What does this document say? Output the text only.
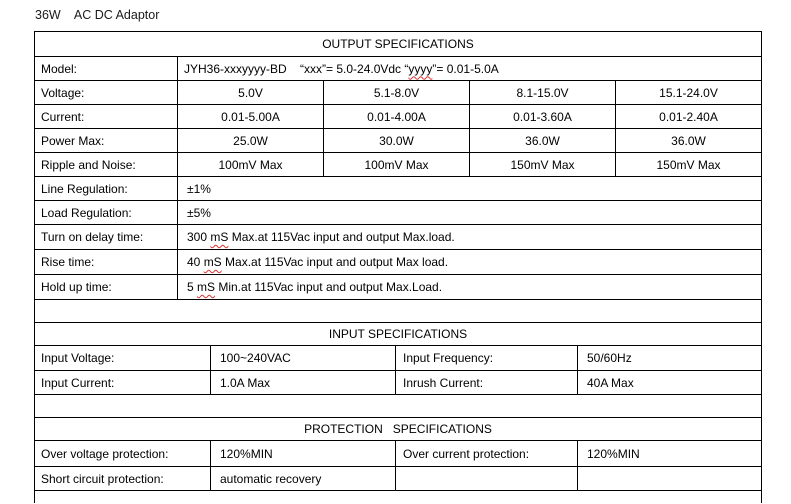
36W    AC DC Adaptor
OUTPUT SPECIFICATIONS
Model:	JYH36-xxxyyyy-BD    “xxx”= 5.0-24.0Vdc “ yyyy ”= 0.01-5.0A
Voltage:	5.0V	5.1-8.0V	8.1-15.0V	15.1-24.0V
Current:	0.01-5.00A	0.01-4.00A	0.01-3.60A	0.01-2.40A
Power Max:	25.0W	30.0W	36.0W	36.0W
Ripple and Noise:	100mV Max	100mV Max	150mV Max	150mV Max
Line Regulation:	±1%
Load Regulation:	±5%
Turn on delay time:	300 mS Max.at 115Vac input and output Max.load.
Rise time:	40 mS Max.at 115Vac input and output Max load.
Hold up time:	5 mS Min.at 115Vac input and output Max.Load.
INPUT SPECIFICATIONS
Input Voltage:	100~240VAC	Input Frequency:	50/60Hz
Input Current:	1.0A Max	Inrush Current:	40A Max
PROTECTION   SPECIFICATIONS
Over voltage protection:	120%MIN	Over current protection:	120%MIN
Short circuit protection:	automatic recovery
